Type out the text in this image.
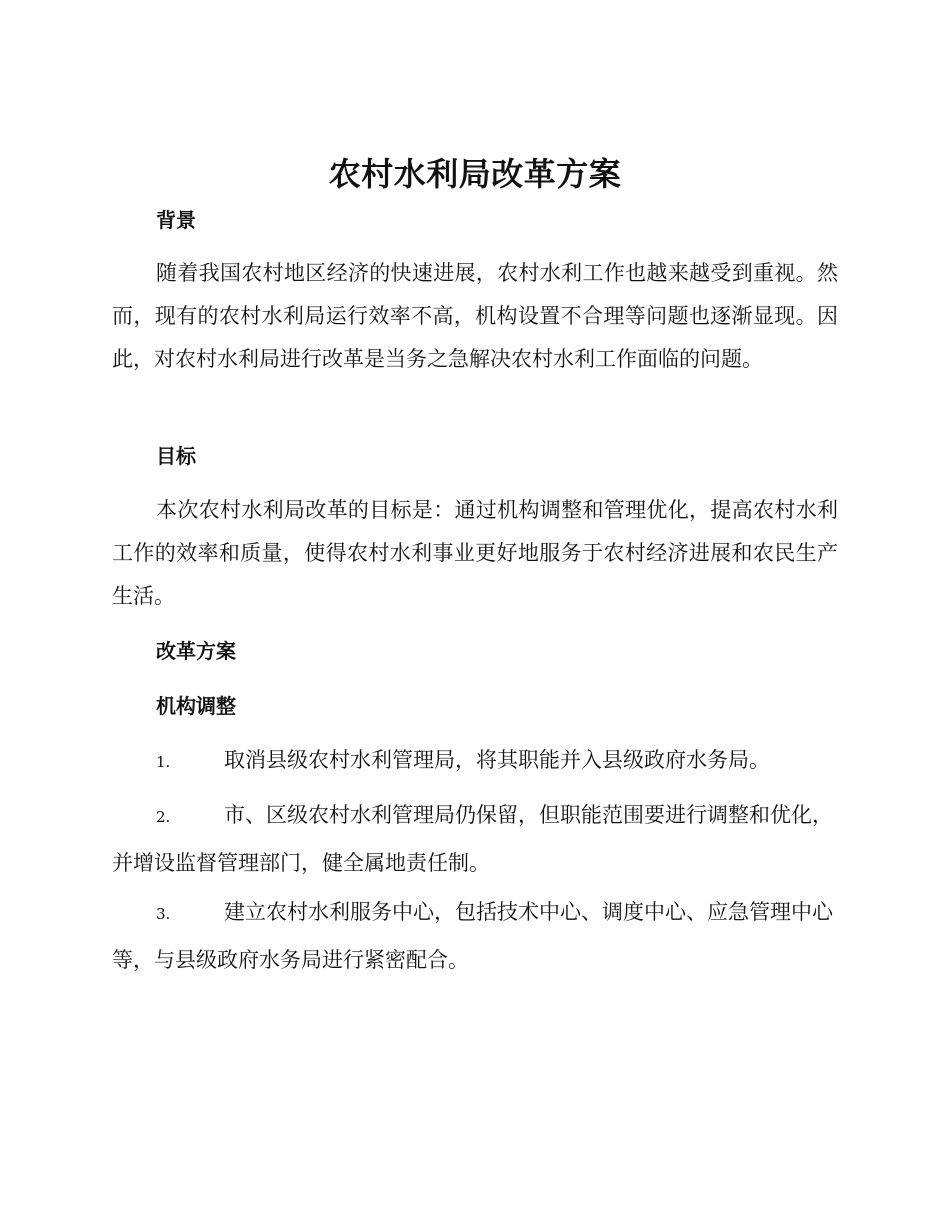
农村水利局改革方案
背景

随着我国农村地区经济的快速进展，农村水利工作也越来越受到重视。然而，现有的农村水利局运行效率不高，机构设置不合理等问题也逐渐显现。因此，对农村水利局进行改革是当务之急解决农村水利工作面临的问题。

目标

本次农村水利局改革的目标是：通过机构调整和管理优化，提高农村水利工作的效率和质量，使得农村水利事业更好地服务于农村经济进展和农民生产生活。

改革方案
机构调整

1.	取消县级农村水利管理局，将其职能并入县级政府水务局。

2.	市、区级农村水利管理局仍保留，但职能范围要进行调整和优化，并增设监督管理部门，健全属地责任制。

3.	建立农村水利服务中心，包括技术中心、调度中心、应急管理中心等，与县级政府水务局进行紧密配合。
